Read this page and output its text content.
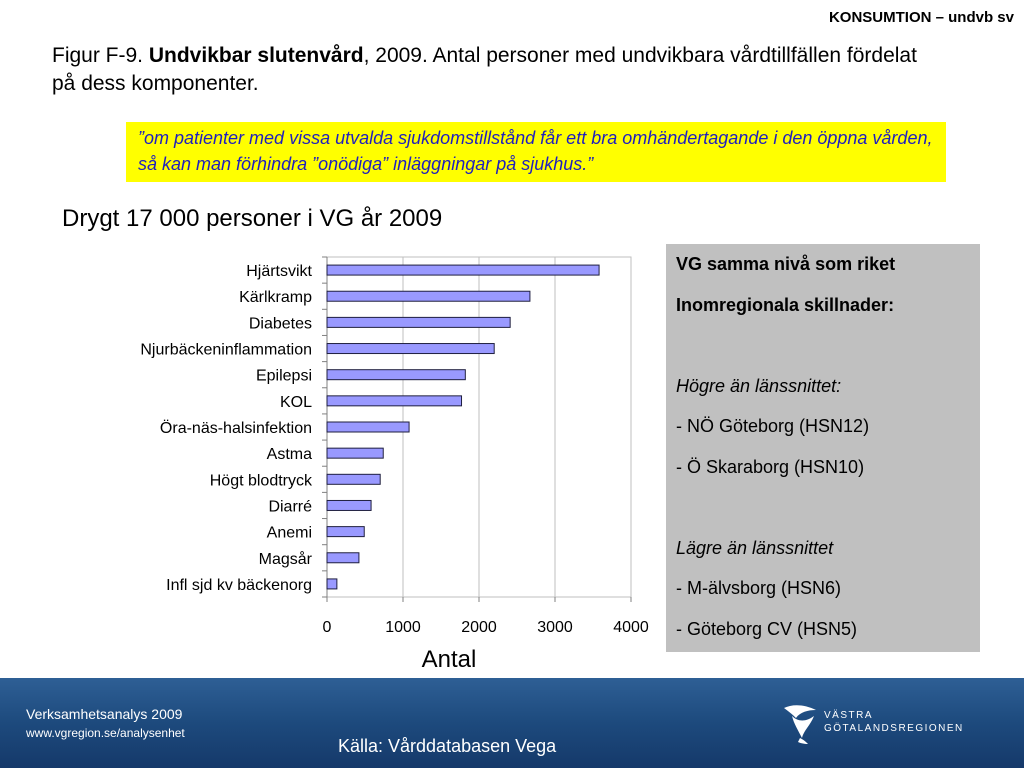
KONSUMTION – undvb sv
Figur F-9. Undvikbar slutenvård, 2009. Antal personer med undvikbara vårdtillfällen fördelat på dess komponenter.
”om patienter med vissa utvalda sjukdomstillstånd får ett bra omhändertagande i den öppna vården, så kan man förhindra ”onödiga” inläggningar på sjukhus.”
Drygt 17 000 personer i VG år 2009
0	1000	2000	3000	4000
Hjärtsvikt
Kärlkramp
Diabetes
Njurbäckeninflammation
Epilepsi
KOL
Öra-näs-halsinfektion
Astma
Högt blodtryck
Diarré
Anemi
Magsår
Infl sjd kv bäckenorg
Antal
VG samma nivå som riket
Inomregionala skillnader:
Högre än länssnittet:
- NÖ Göteborg (HSN12)
- Ö Skaraborg (HSN10)
Lägre än länssnittet
- M-älvsborg (HSN6)
- Göteborg CV (HSN5)
Verksamhetsanalys 2009
www.vgregion.se/analysenhet
Källa: Vårddatabasen Vega
VÄSTRA
GÖTALANDSREGIONEN
